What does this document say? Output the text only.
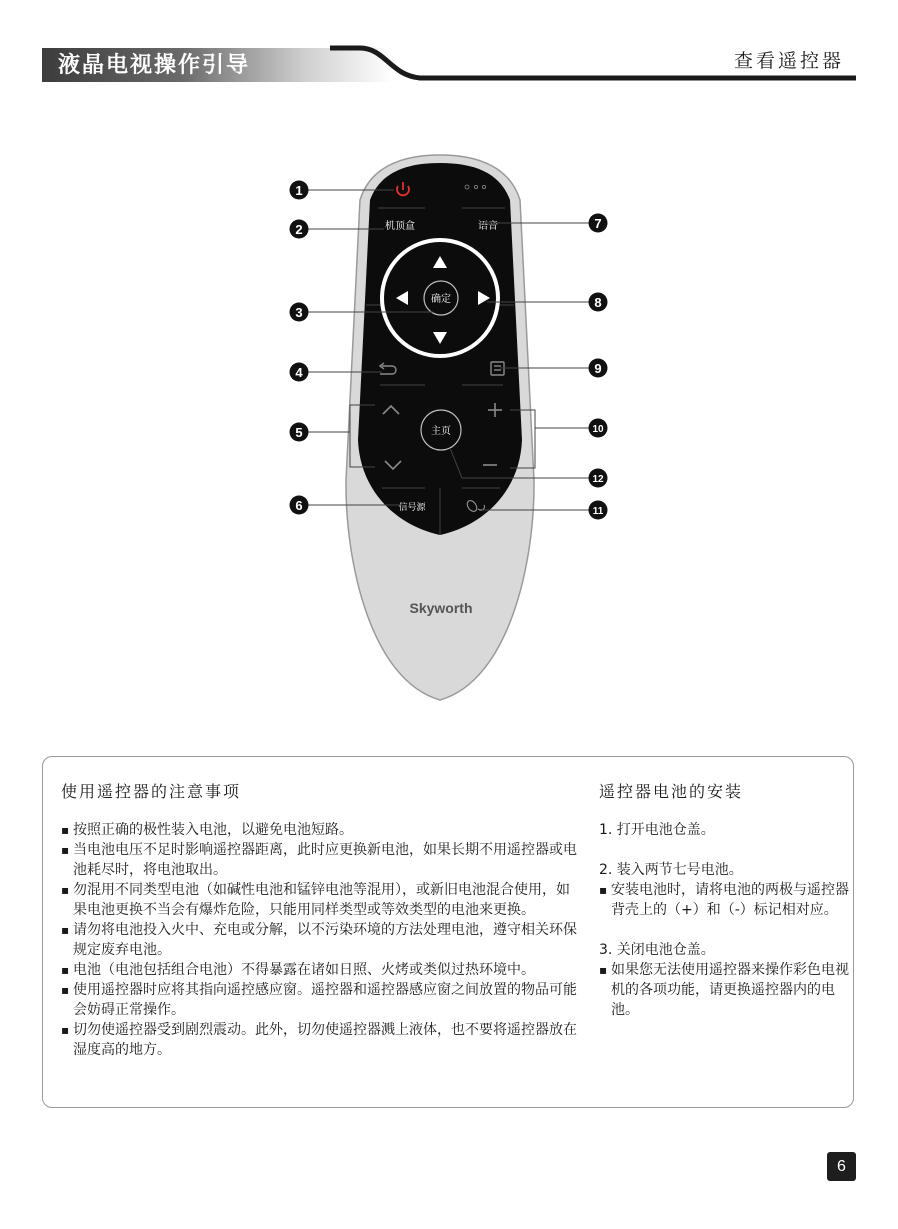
液晶电视操作引导	查看遥控器
机顶盒	语音
确定
主页
信号源
Skyworth
1
2
3
4
5
6
7
8
9
10
12
11
使用遥控器的注意事项

▪ 按照正确的极性装入电池，以避免电池短路。

▪ 当电池电压不足时影响遥控器距离，此时应更换新电池，如果长期不用遥控器或电池耗尽时，将电池取出。

▪ 勿混用不同类型电池（如碱性电池和锰锌电池等混用），或新旧电池混合使用，如果电池更换不当会有爆炸危险，只能用同样类型或等效类型的电池来更换。

▪ 请勿将电池投入火中、充电或分解，以不污染环境的方法处理电池，遵守相关环保规定废弃电池。

▪ 电池（电池包括组合电池）不得暴露在诸如日照、火烤或类似过热环境中。

▪ 使用遥控器时应将其指向遥控感应窗。遥控器和遥控器感应窗之间放置的物品可能会妨碍正常操作。

▪ 切勿使遥控器受到剧烈震动。此外，切勿使遥控器溅上液体，也不要将遥控器放在湿度高的地方。

遥控器电池的安装

1. 打开电池仓盖。

2. 装入两节七号电池。

▪ 安装电池时，请将电池的两极与遥控器背壳上的（+）和（-）标记相对应。

3. 关闭电池仓盖。

▪ 如果您无法使用遥控器来操作彩色电视机的各项功能，请更换遥控器内的电池。

6
